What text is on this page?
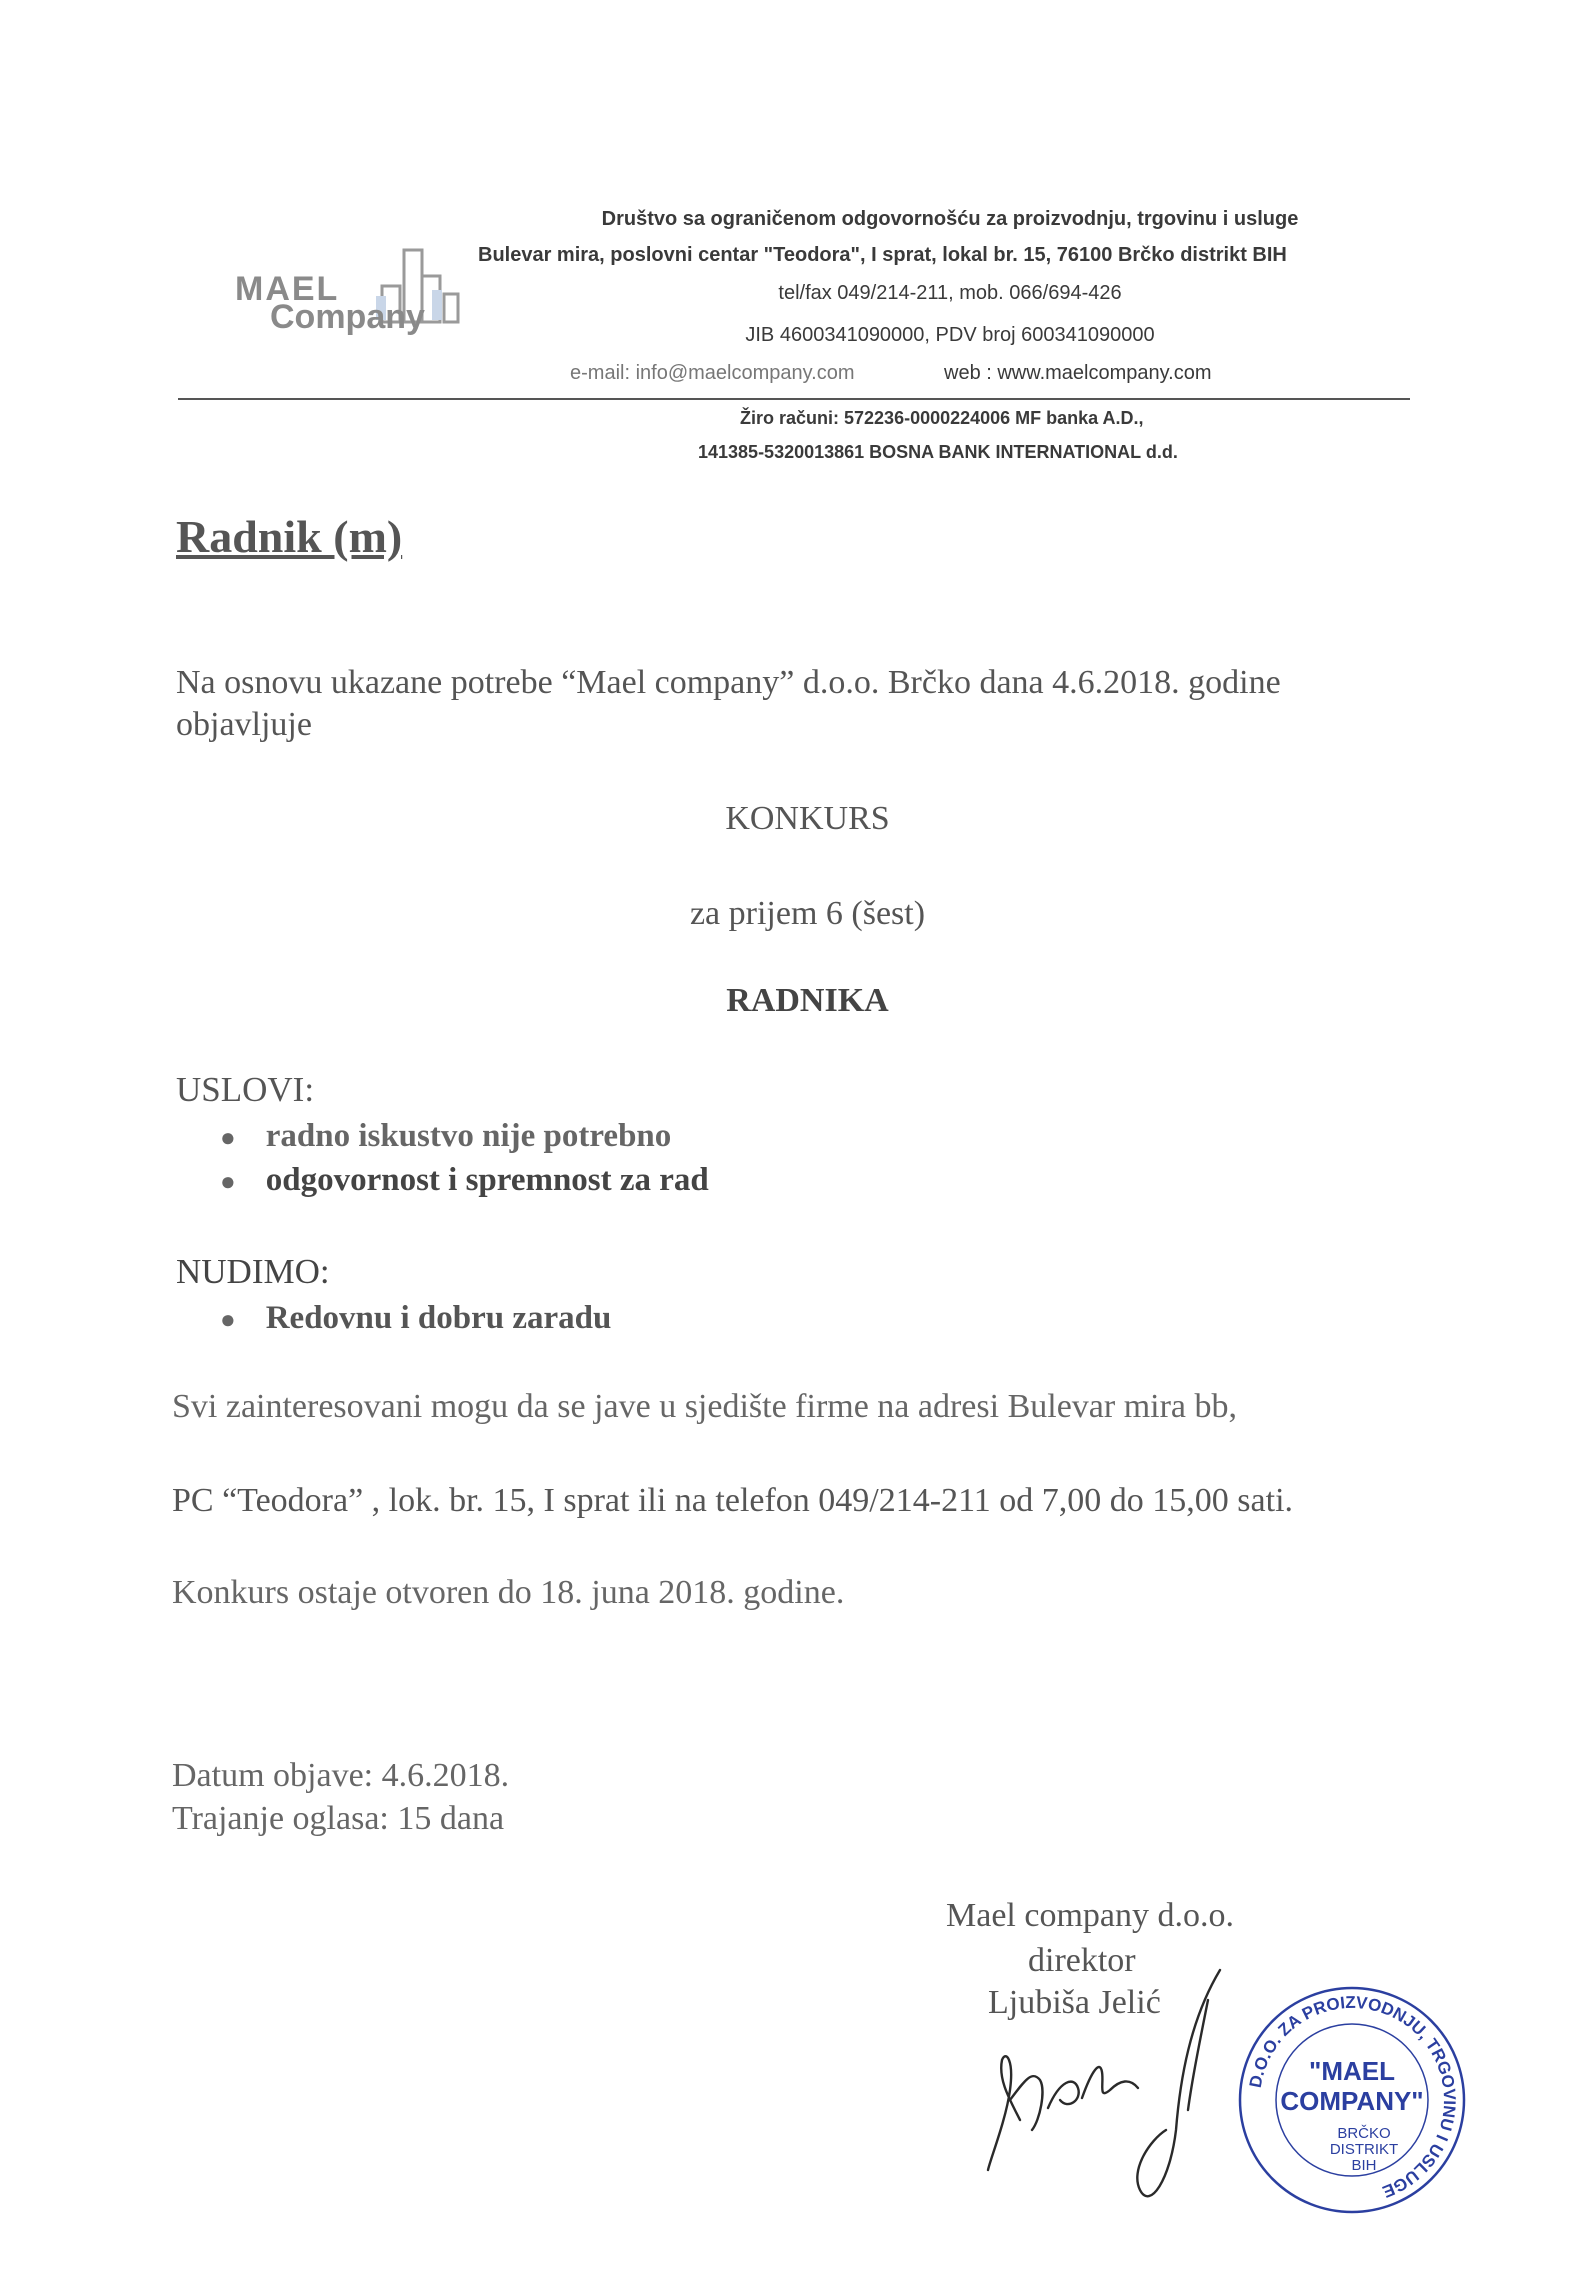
MAEL
Company
Društvo sa ograničenom odgovornošću za proizvodnju, trgovinu i usluge
Bulevar mira, poslovni centar "Teodora", I sprat, lokal br. 15, 76100 Brčko distrikt BIH
tel/fax 049/214-211, mob. 066/694-426
JIB 4600341090000, PDV broj 600341090000
e-mail: info@maelcompany.com	web : www.maelcompany.com
Žiro računi: 572236-0000224006 MF banka A.D.,
141385-5320013861 BOSNA BANK INTERNATIONAL d.d.
Radnik (m)
Na osnovu ukazane potrebe “Mael company” d.o.o. Brčko dana 4.6.2018. godine
objavljuje
KONKURS
za prijem 6 (šest)
RADNIKA
USLOVI:
● radno iskustvo nije potrebno
● odgovornost i spremnost za rad
NUDIMO:
● Redovnu i dobru zaradu
Svi zainteresovani mogu da se jave u sjedište firme na adresi Bulevar mira bb,
PC “Teodora” , lok. br. 15, I sprat ili na telefon 049/214-211 od 7,00 do 15,00 sati.
Konkurs ostaje otvoren do 18. juna 2018. godine.
Datum objave: 4.6.2018.
Trajanje oglasa: 15 dana
Mael company d.o.o.
direktor
Ljubiša Jelić
D.O.O. ZA PROIZVODNJU, TRGOVINU I USLUGE
"MAEL
COMPANY"
BRČKO
DISTRIKT
BIH
